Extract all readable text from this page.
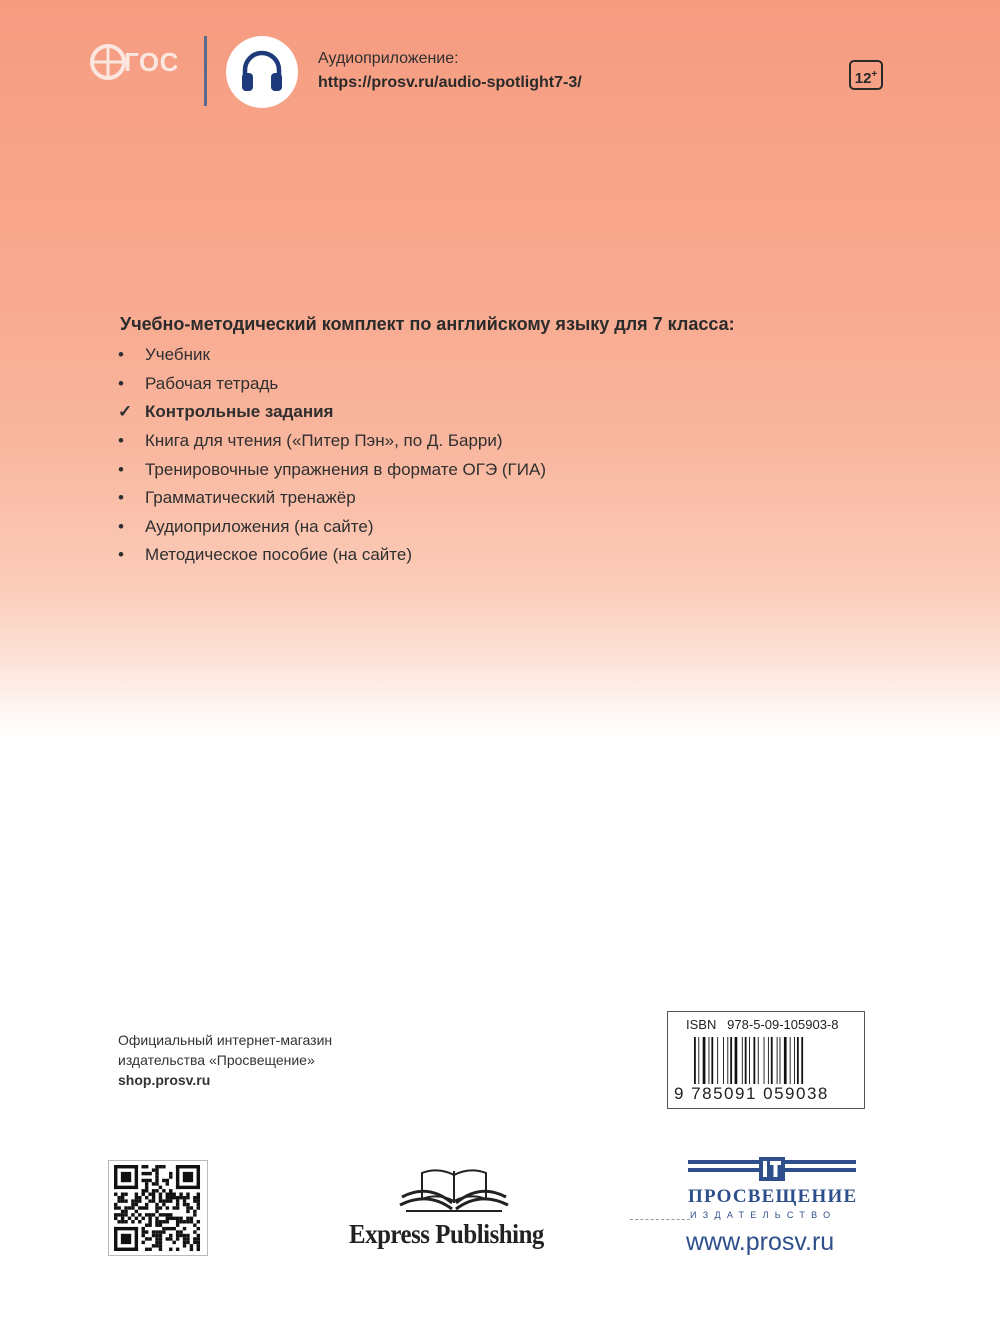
ГОС	Аудиоприложение:
https://prosv.ru/audio-spotlight7-3/	12+
Учебно-методический комплект по английскому языку для 7 класса:
•	Учебник
•	Рабочая тетрадь
✓ Контрольные задания
•	Книга для чтения («Питер Пэн», по Д. Барри)
•	Тренировочные упражнения в формате ОГЭ (ГИА)
•	Грамматический тренажёр
•	Аудиоприложения (на сайте)
•	Методическое пособие (на сайте)
Официальный интернет-магазин
издательства «Просвещение»
shop.prosv.ru
ISBN   978-5-09-105903-8
9 785091 059038
Express Publishing
ПРОСВЕЩЕНИЕ
ИЗДАТЕЛЬСТВО
www.prosv.ru
